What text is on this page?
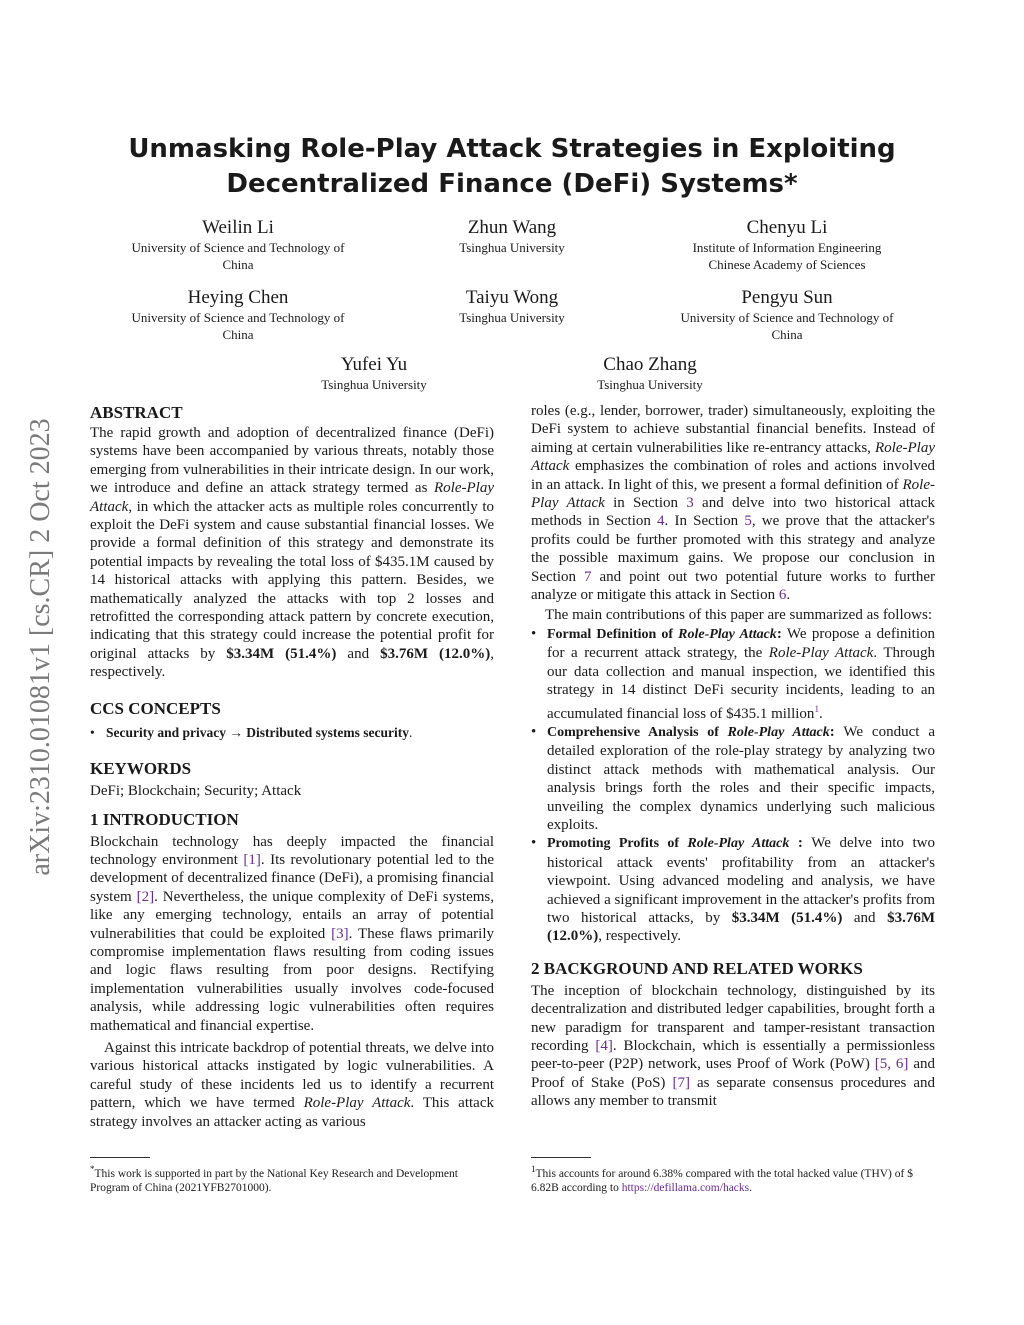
arXiv:2310.01081v1 [cs.CR] 2 Oct 2023
Unmasking Role-Play Attack Strategies in Exploiting
Decentralized Finance (DeFi) Systems*
Weilin Li
University of Science and Technology of
China
Zhun Wang
Tsinghua University
Chenyu Li
Institute of Information Engineering
Chinese Academy of Sciences
Heying Chen
University of Science and Technology of
China
Taiyu Wong
Tsinghua University
Pengyu Sun
University of Science and Technology of
China
Yufei Yu
Tsinghua University
Chao Zhang
Tsinghua University
ABSTRACT

The rapid growth and adoption of decentralized finance (DeFi) systems have been accompanied by various threats, notably those emerging from vulnerabilities in their intricate design. In our work, we introduce and define an attack strategy termed as Role-Play Attack, in which the attacker acts as multiple roles concurrently to exploit the DeFi system and cause substantial financial losses. We provide a formal definition of this strategy and demonstrate its potential impacts by revealing the total loss of $435.1M caused by 14 historical attacks with applying this pattern. Besides, we mathematically analyzed the attacks with top 2 losses and retrofitted the corresponding attack pattern by concrete execution, indicating that this strategy could increase the potential profit for original attacks by $3.34M (51.4%) and $3.76M (12.0%), respectively.

CCS CONCEPTS
• Security and privacy → Distributed systems security.
KEYWORDS

DeFi; Blockchain; Security; Attack

1 INTRODUCTION

Blockchain technology has deeply impacted the financial technology environment [1]. Its revolutionary potential led to the development of decentralized finance (DeFi), a promising financial system [2]. Nevertheless, the unique complexity of DeFi systems, like any emerging technology, entails an array of potential vulnerabilities that could be exploited [3]. These flaws primarily compromise implementation flaws resulting from coding issues and logic flaws resulting from poor designs. Rectifying implementation vulnerabilities usually involves code-focused analysis, while addressing logic vulnerabilities often requires mathematical and financial expertise.

Against this intricate backdrop of potential threats, we delve into various historical attacks instigated by logic vulnerabilities. A careful study of these incidents led us to identify a recurrent pattern, which we have termed Role-Play Attack. This attack strategy involves an attacker acting as various

roles (e.g., lender, borrower, trader) simultaneously, exploiting the DeFi system to achieve substantial financial benefits. Instead of aiming at certain vulnerabilities like re-entrancy attacks, Role-Play Attack emphasizes the combination of roles and actions involved in an attack. In light of this, we present a formal definition of Role-Play Attack in Section 3 and delve into two historical attack methods in Section 4. In Section 5, we prove that the attacker's profits could be further promoted with this strategy and analyze the possible maximum gains. We propose our conclusion in Section 7 and point out two potential future works to further analyze or mitigate this attack in Section 6.

The main contributions of this paper are summarized as follows:

• Formal Definition of Role-Play Attack: We propose a definition for a recurrent attack strategy, the Role-Play Attack. Through our data collection and manual inspection, we identified this strategy in 14 distinct DeFi security incidents, leading to an accumulated financial loss of $435.1 million$^1$.
• Comprehensive Analysis of Role-Play Attack: We conduct a detailed exploration of the role-play strategy by analyzing two distinct attack methods with mathematical analysis. Our analysis brings forth the roles and their specific impacts, unveiling the complex dynamics underlying such malicious exploits.
• Promoting Profits of Role-Play Attack : We delve into two historical attack events' profitability from an attacker's viewpoint. Using advanced modeling and analysis, we have achieved a significant improvement in the attacker's profits from two historical attacks, by $3.34M (51.4%) and $3.76M (12.0%), respectively.
2 BACKGROUND AND RELATED WORKS

The inception of blockchain technology, distinguished by its decentralization and distributed ledger capabilities, brought forth a new paradigm for transparent and tamper-resistant transaction recording [4]. Blockchain, which is essentially a permissionless peer-to-peer (P2P) network, uses Proof of Work (PoW) [5, 6] and Proof of Stake (PoS) [7] as separate consensus procedures and allows any member to transmit

*This work is supported in part by the National Key Research and Development Program of China (2021YFB2701000).
$^1$This accounts for around 6.38% compared with the total hacked value (THV) of $ 6.82B according to https://defillama.com/hacks.
